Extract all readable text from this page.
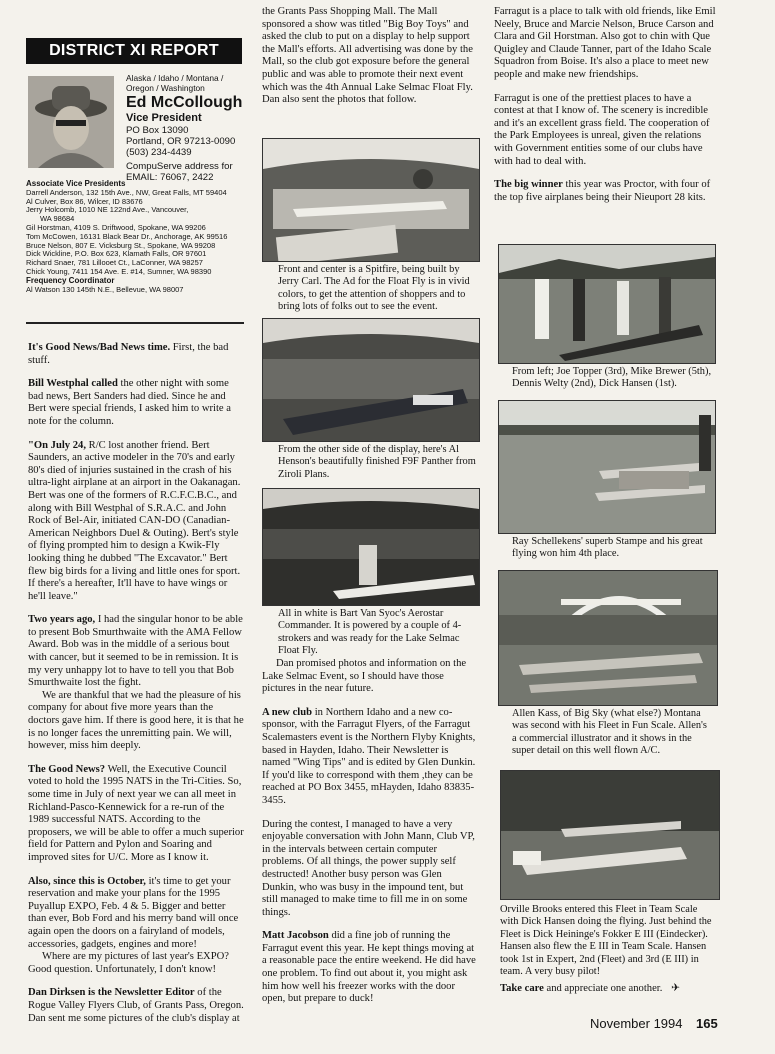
DISTRICT XI REPORT
Alaska / Idaho / Montana / Oregon / Washington
Ed McCollough
Vice President
PO Box 13090
Portland, OR 97213-0090
(503) 234-4439
CompuServe address for
EMAIL: 76067, 2422
Associate Vice Presidents
Darrell Anderson, 132 15th Ave., NW, Great Falls, MT 59404
Al Culver, Box 86, Wilcer, ID 83676
Jerry Holcomb, 1010 NE 122nd Ave., Vancouver,
WA 98684
Gil Horstman, 4109 S. Driftwood, Spokane, WA 99206
Tom McCowen, 16131 Black Bear Dr., Anchorage, AK 99516
Bruce Nelson, 807 E. Vicksburg St., Spokane, WA 99208
Dick Wickline, P.O. Box 623, Klamath Falls, OR 97601
Richard Snaer, 781 Lillooet Ct., LaConner, WA 98257
Chick Young, 7411 154 Ave. E. #14, Sumner, WA 98390
Frequency Coordinator
Al Watson 130 145th N.E., Bellevue, WA 98007

It's Good News/Bad News time. First, the bad stuff.

Bill Westphal called the other night with some bad news, Bert Sanders had died. Since he and Bert were special friends, I asked him to write a note for the column.

"On July 24, R/C lost another friend. Bert Saunders, an active modeler in the 70's and early 80's died of injuries sustained in the crash of his ultra-light airplane at an airport in the Oakanagan. Bert was one of the formers of R.C.F.C.B.C., and along with Bill Westphal of S.R.A.C. and John Rock of Bel-Air, initiated CAN-DO (Canadian-American Neighbors Duel & Outing). Bert's style of flying prompted him to design a Kwik-Fly looking thing he dubbed "The Excavator." Bert flew big birds for a living and little ones for sport. If there's a hereafter, It'll have to have wings or he'll leave."

Two years ago, I had the singular honor to be able to present Bob Smurthwaite with the AMA Fellow Award. Bob was in the middle of a serious bout with cancer, but it seemed to be in remission. It is my very unhappy lot to have to tell you that Bob Smurthwaite lost the fight.

We are thankful that we had the pleasure of his company for about five more years than the doctors gave him. If there is good here, it is that he is no longer faces the unremitting pain. We will, however, miss him deeply.

The Good News? Well, the Executive Council voted to hold the 1995 NATS in the Tri-Cities. So, some time in July of next year we can all meet in Richland-Pasco-Kennewick for a re-run of the 1989 successful NATS. According to the proposers, we will be able to offer a much superior field for Pattern and Pylon and Soaring and improved sites for U/C. More as I know it.

Also, since this is October, it's time to get your reservation and make your plans for the 1995 Puyallup EXPO, Feb. 4 & 5. Bigger and better than ever, Bob Ford and his merry band will once again open the doors on a fairyland of models, accessories, gadgets, engines and more!

Where are my pictures of last year's EXPO? Good question. Unfortunately, I don't know!

Dan Dirksen is the Newsletter Editor of the Rogue Valley Flyers Club, of Grants Pass, Oregon. Dan sent me some pictures of the club's display at

the Grants Pass Shopping Mall. The Mall sponsored a show was titled "Big Boy Toys" and asked the club to put on a display to help support the Mall's efforts. All advertising was done by the Mall, so the club got exposure before the general public and was able to promote their next event which was the 4th Annual Lake Selmac Float Fly. Dan also sent the photos that follow.

Front and center is a Spitfire, being built by Jerry Carl. The Ad for the Float Fly is in vivid colors, to get the attention of shoppers and to bring lots of folks out to see the event.
From the other side of the display, here's Al Henson's beautifully finished F9F Panther from Ziroli Plans.
All in white is Bart Van Syoc's Aerostar Commander. It is powered by a couple of 4-strokers and was ready for the Lake Selmac Float Fly.

Dan promised photos and information on the Lake Selmac Event, so I should have those pictures in the near future.

A new club in Northern Idaho and a new co-sponsor, with the Farragut Flyers, of the Farragut Scalemasters event is the Northern Flyby Knights, based in Hayden, Idaho. Their Newsletter is named "Wing Tips" and is edited by Glen Dunkin. If you'd like to correspond with them ,they can be reached at PO Box 3455, mHayden, Idaho 83835-3455.

During the contest, I managed to have a very enjoyable conversation with John Mann, Club VP, in the intervals between certain computer problems. Of all things, the power supply self destructed! Another busy person was Glen Dunkin, who was busy in the impound tent, but still managed to make time to fill me in on some things.

Matt Jacobson did a fine job of running the Farragut event this year. He kept things moving at a reasonable pace the entire weekend. He did have one problem. To find out about it, you might ask him how well his freezer works with the door open, but prepare to duck!

Farragut is a place to talk with old friends, like Emil Neely, Bruce and Marcie Nelson, Bruce Carson and Clara and Gil Horstman. Also got to chin with Que Quigley and Claude Tanner, part of the Idaho Scale Squadron from Boise. It's also a place to meet new people and make new friendships.

Farragut is one of the prettiest places to have a contest at that I know of. The scenery is incredible and it's an excellent grass field. The cooperation of the Park Employees is unreal, given the relations with Government entities some of our clubs have with had to deal with.

The big winner this year was Proctor, with four of the top five airplanes being their Nieuport 28 kits.

From left; Joe Topper (3rd), Mike Brewer (5th), Dennis Welty (2nd), Dick Hansen (1st).
Ray Schellekens' superb Stampe and his great flying won him 4th place.
Allen Kass, of Big Sky (what else?) Montana was second with his Fleet in Fun Scale. Allen's a commercial illustrator and it shows in the super detail on this well flown A/C.
Orville Brooks entered this Fleet in Team Scale with Dick Hansen doing the flying. Just behind the Fleet is Dick Heininge's Fokker E III (Eindecker). Hansen also flew the E III in Team Scale. Hansen took 1st in Expert, 2nd (Fleet) and 3rd (E III) in team. A very busy pilot!
Take care and appreciate one another. ✈
November 1994 165
